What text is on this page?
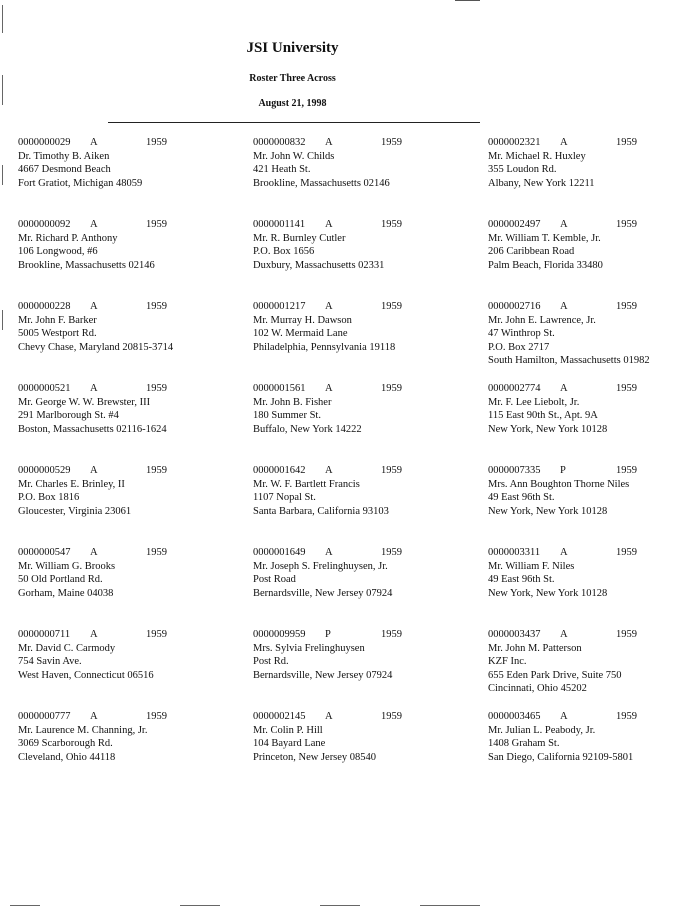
JSI University
Roster Three Across
August 21, 1998
0000000029 A	1959
Dr. Timothy B. Aiken
4667 Desmond Beach
Fort Gratiot, Michigan 48059
0000000092 A	1959
Mr. Richard P. Anthony
106 Longwood, #6
Brookline, Massachusetts 02146
0000000228 A	1959
Mr. John F. Barker
5005 Westport Rd.
Chevy Chase, Maryland 20815-3714
0000000521 A	1959
Mr. George W. W. Brewster, III
291 Marlborough St. #4
Boston, Massachusetts 02116-1624
0000000529 A	1959
Mr. Charles E. Brinley, II
P.O. Box 1816
Gloucester, Virginia 23061
0000000547 A	1959
Mr. William G. Brooks
50 Old Portland Rd.
Gorham, Maine 04038
0000000711 A	1959
Mr. David C. Carmody
754 Savin Ave.
West Haven, Connecticut 06516
0000000777 A	1959
Mr. Laurence M. Channing, Jr.
3069 Scarborough Rd.
Cleveland, Ohio 44118
0000000832 A	1959
Mr. John W. Childs
421 Heath St.
Brookline, Massachusetts 02146
0000001141 A	1959
Mr. R. Burnley Cutler
P.O. Box 1656
Duxbury, Massachusetts 02331
0000001217 A	1959
Mr. Murray H. Dawson
102 W. Mermaid Lane
Philadelphia, Pennsylvania 19118
0000001561 A	1959
Mr. John B. Fisher
180 Summer St.
Buffalo, New York 14222
0000001642 A	1959
Mr. W. F. Bartlett Francis
1107 Nopal St.
Santa Barbara, California 93103
0000001649 A	1959
Mr. Joseph S. Frelinghuysen, Jr.
Post Road
Bernardsville, New Jersey 07924
0000009959 P	1959
Mrs. Sylvia Frelinghuysen
Post Rd.
Bernardsville, New Jersey 07924
0000002145 A	1959
Mr. Colin P. Hill
104 Bayard Lane
Princeton, New Jersey 08540
0000002321 A	1959
Mr. Michael R. Huxley
355 Loudon Rd.
Albany, New York 12211
0000002497 A	1959
Mr. William T. Kemble, Jr.
206 Caribbean Road
Palm Beach, Florida 33480
0000002716 A	1959
Mr. John E. Lawrence, Jr.
47 Winthrop St.
P.O. Box 2717
South Hamilton, Massachusetts 01982
0000002774 A	1959
Mr. F. Lee Liebolt, Jr.
115 East 90th St., Apt. 9A
New York, New York 10128
0000007335 P	1959
Mrs. Ann Boughton Thorne Niles
49 East 96th St.
New York, New York 10128
0000003311 A	1959
Mr. William F. Niles
49 East 96th St.
New York, New York 10128
0000003437 A	1959
Mr. John M. Patterson
KZF Inc.
655 Eden Park Drive, Suite 750
Cincinnati, Ohio 45202
0000003465 A	1959
Mr. Julian L. Peabody, Jr.
1408 Graham St.
San Diego, California 92109-5801
